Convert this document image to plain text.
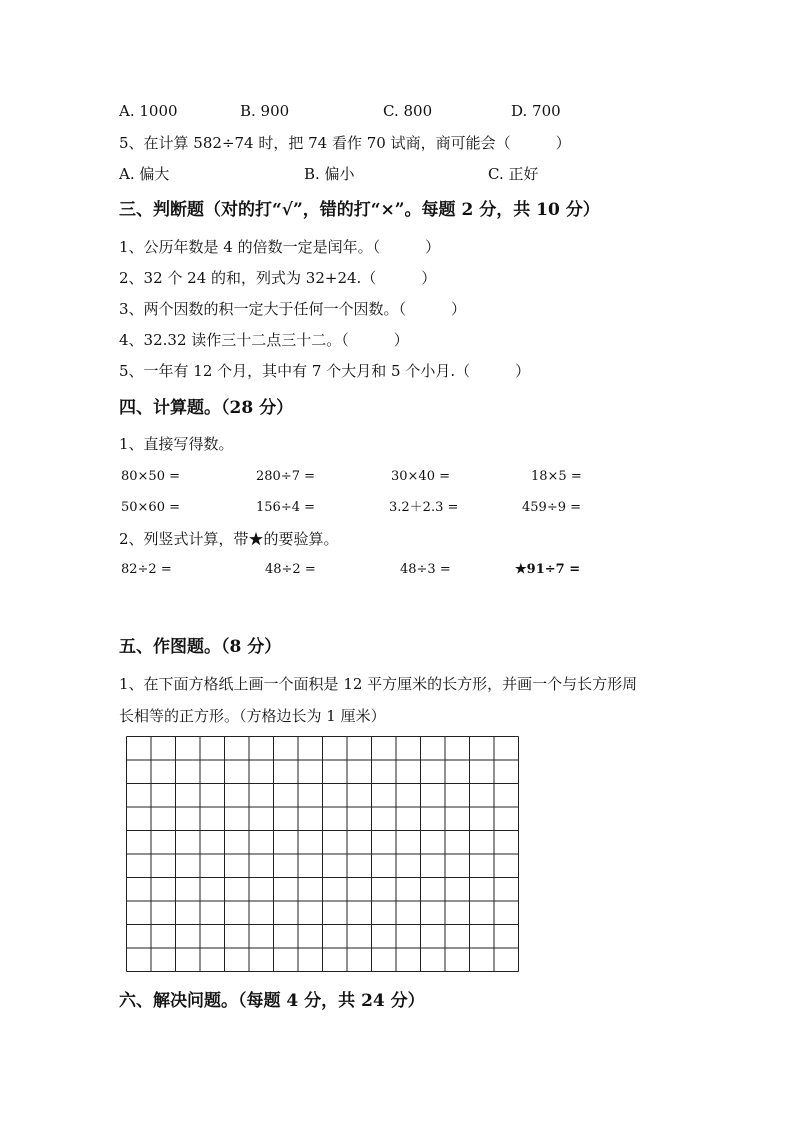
A. 1000	B. 900	C. 800	D. 700
5、在计算 582÷74 时，把 74 看作 70 试商，商可能会（　　　）
A. 偏大	B. 偏小	C. 正好
三、判断题（对的打“√”，错的打“×”。每题 2 分，共 10 分）
1、公历年数是 4 的倍数一定是闰年。（　　　）
2、32 个 24 的和，列式为 32+24.（　　　）
3、两个因数的积一定大于任何一个因数。（　　　）
4、32.32 读作三十二点三十二。（　　　）
5、一年有 12 个月，其中有 7 个大月和 5 个小月.（　　　）
四、计算题。（28 分）
1、直接写得数。
80×50 =	280÷7 =	30×40 =	18×5 =
50×60 =	156÷4 =	3.2＋2.3 =	459÷9 =
2、列竖式计算，带★的要验算。
82÷2 =	48÷2 =	48÷3 =	★91÷7 =
五、作图题。（8 分）
1、在下面方格纸上画一个面积是 12 平方厘米的长方形，并画一个与长方形周
长相等的正方形。（方格边长为 1 厘米）
六、解决问题。（每题 4 分，共 24 分）
